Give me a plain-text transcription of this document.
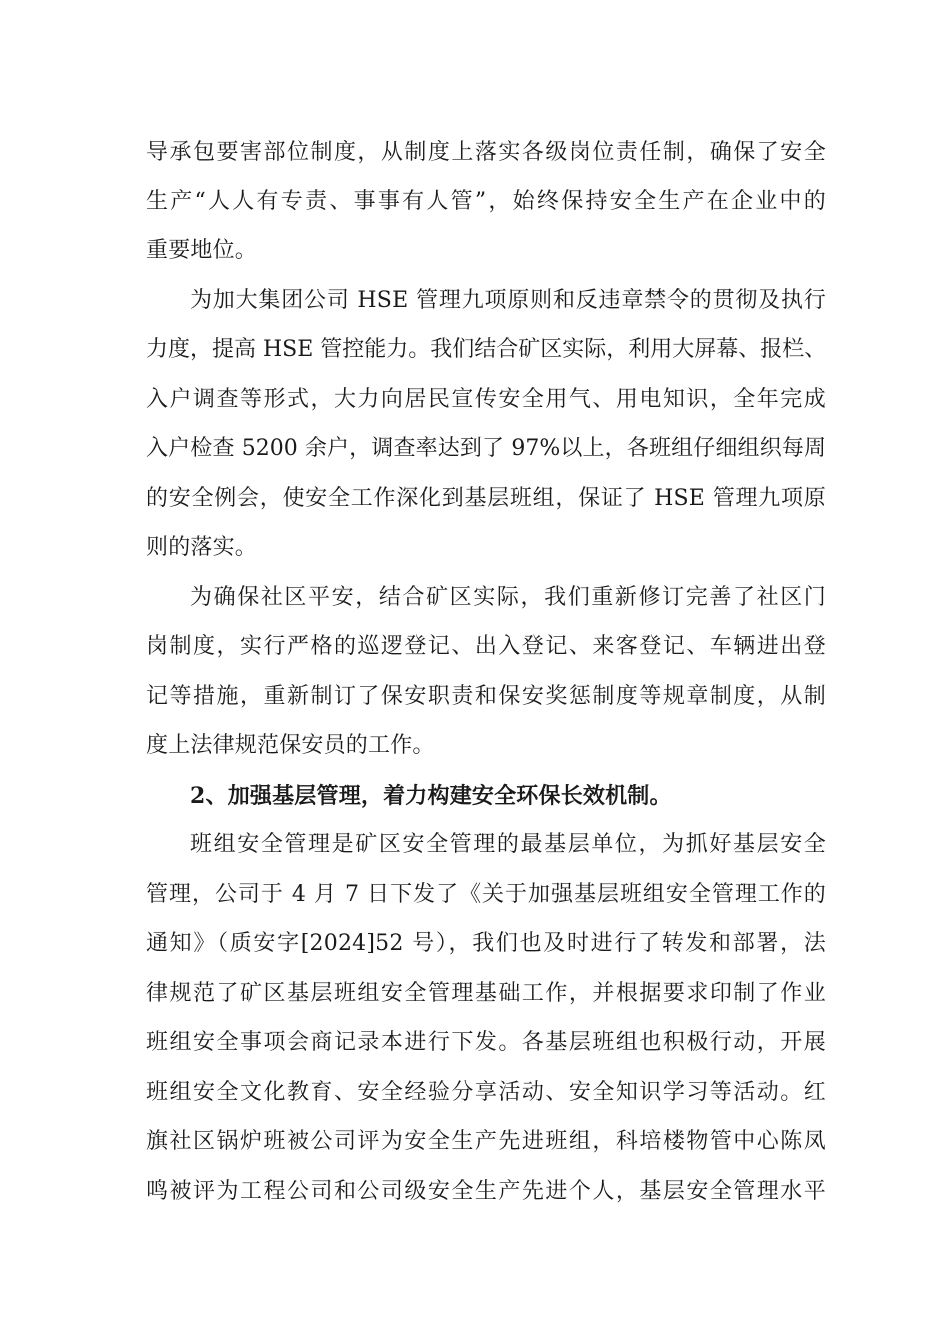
导承包要害部位制度，从制度上落实各级岗位责任制，确保了安全
生产“人人有专责、事事有人管”，始终保持安全生产在企业中的
重要地位。
为加大集团公司 HSE 管理九项原则和反违章禁令的贯彻及执行
力度，提高 HSE 管控能力。我们结合矿区实际，利用大屏幕、报栏、
入户调查等形式，大力向居民宣传安全用气、用电知识，全年完成
入户检查 5200 余户，调查率达到了 97%以上，各班组仔细组织每周
的安全例会，使安全工作深化到基层班组，保证了 HSE 管理九项原
则的落实。
为确保社区平安，结合矿区实际，我们重新修订完善了社区门
岗制度，实行严格的巡逻登记、出入登记、来客登记、车辆进出登
记等措施，重新制订了保安职责和保安奖惩制度等规章制度，从制
度上法律规范保安员的工作。
2、加强基层管理，着力构建安全环保长效机制。
班组安全管理是矿区安全管理的最基层单位，为抓好基层安全
管理，公司于 4 月 7 日下发了《关于加强基层班组安全管理工作的
通知》（质安字[2024]52 号），我们也及时进行了转发和部署，法
律规范了矿区基层班组安全管理基础工作，并根据要求印制了作业
班组安全事项会商记录本进行下发。各基层班组也积极行动，开展
班组安全文化教育、安全经验分享活动、安全知识学习等活动。红
旗社区锅炉班被公司评为安全生产先进班组，科培楼物管中心陈凤
鸣被评为工程公司和公司级安全生产先进个人，基层安全管理水平
